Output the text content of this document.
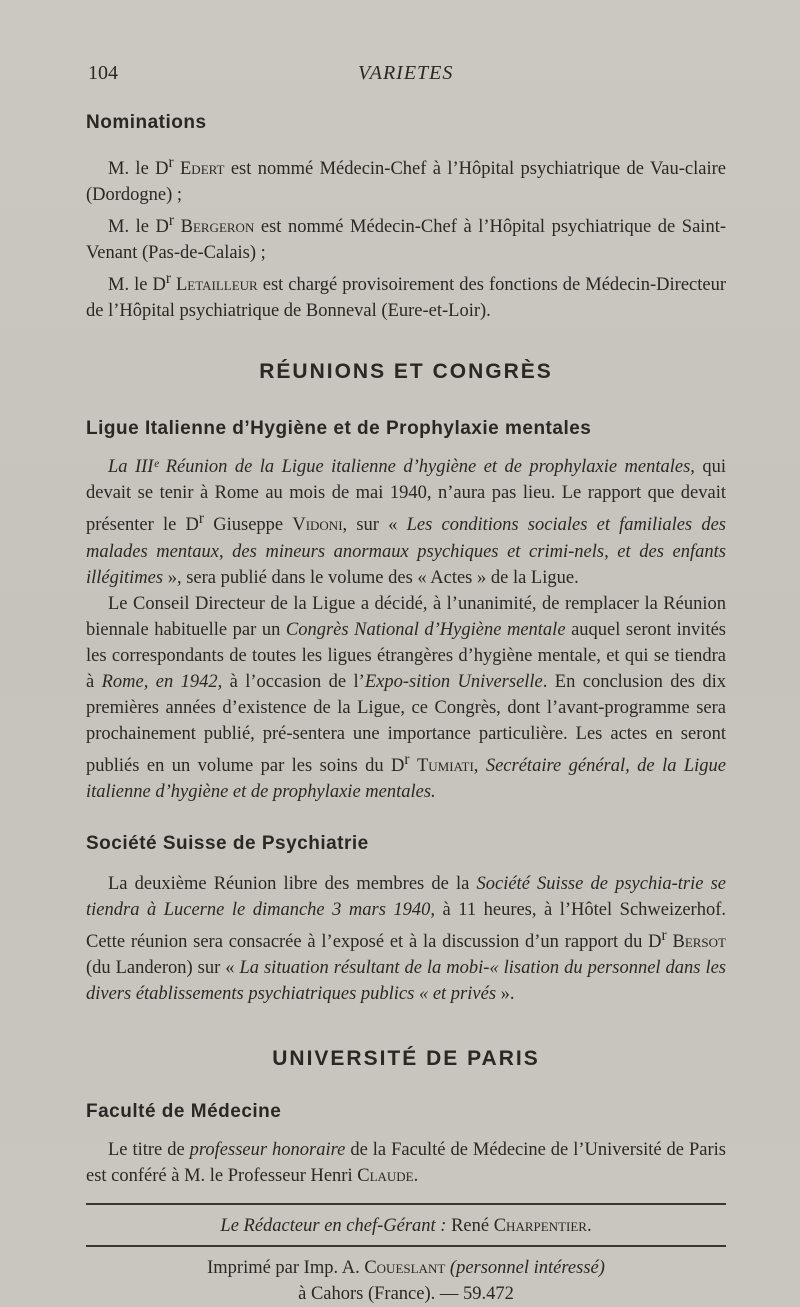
104	VARIETES
Nominations

M. le $D^r$ Edert est nommé Médecin-Chef à l’Hôpital psychiatrique de Vau-claire (Dordogne) ;

M. le $D^r$ Bergeron est nommé Médecin-Chef à l’Hôpital psychiatrique de Saint-Venant (Pas-de-Calais) ;

M. le $D^r$ Letailleur est chargé provisoirement des fonctions de Médecin-Directeur de l’Hôpital psychiatrique de Bonneval (Eure-et-Loir).

RÉUNIONS ET CONGRÈS
Ligue Italienne d’Hygiène et de Prophylaxie mentales

La IIIᵉ Réunion de la Ligue italienne d’hygiène et de prophylaxie mentales, qui devait se tenir à Rome au mois de mai 1940, n’aura pas lieu. Le rapport que devait présenter le $D^r$ Giuseppe Vidoni, sur « Les conditions sociales et familiales des malades mentaux, des mineurs anormaux psychiques et crimi-nels, et des enfants illégitimes », sera publié dans le volume des « Actes » de la Ligue.

Le Conseil Directeur de la Ligue a décidé, à l’unanimité, de remplacer la Réunion biennale habituelle par un Congrès National d’Hygiène mentale auquel seront invités les correspondants de toutes les ligues étrangères d’hygiène mentale, et qui se tiendra à Rome, en 1942, à l’occasion de l’Expo-sition Universelle. En conclusion des dix premières années d’existence de la Ligue, ce Congrès, dont l’avant-programme sera prochainement publié, pré-sentera une importance particulière. Les actes en seront publiés en un volume par les soins du $D^r$ Tumiati, Secrétaire général, de la Ligue italienne d’hygiène et de prophylaxie mentales.

Société Suisse de Psychiatrie

La deuxième Réunion libre des membres de la Société Suisse de psychia-trie se tiendra à Lucerne le dimanche 3 mars 1940, à 11 heures, à l’Hôtel Schweizerhof. Cette réunion sera consacrée à l’exposé et à la discussion d’un rapport du $D^r$ Bersot (du Landeron) sur « La situation résultant de la mobi-« lisation du personnel dans les divers établissements psychiatriques publics « et privés ».

UNIVERSITÉ DE PARIS
Faculté de Médecine

Le titre de professeur honoraire de la Faculté de Médecine de l’Université de Paris est conféré à M. le Professeur Henri Claude.

Le Rédacteur en chef-Gérant : René Charpentier.

Imprimé par Imp. A. Coueslant (personnel intéressé)

à Cahors (France). — 59.472
